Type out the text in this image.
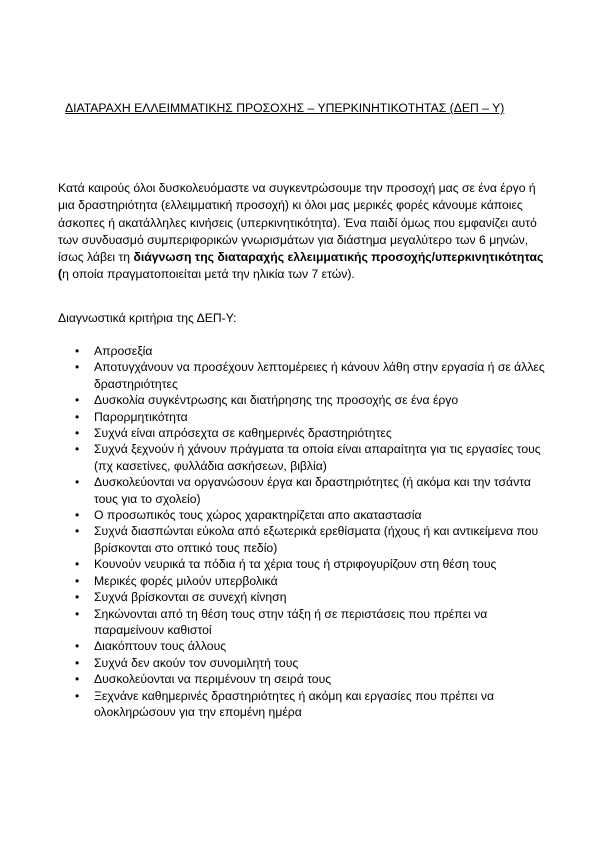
ΔΙΑΤΑΡΑΧΗ ΕΛΛΕΙΜΜΑΤΙΚΗΣ ΠΡΟΣΟΧΗΣ – ΥΠΕΡΚΙΝΗΤΙΚΟΤΗΤΑΣ (ΔΕΠ – Υ)

Κατά καιρούς όλοι δυσκολευόμαστε να συγκεντρώσουμε την προσοχή μας σε ένα έργο ή μια δραστηριότητα (ελλειμματική προσοχή) κι όλοι μας μερικές φορές κάνουμε κάποιες άσκοπες ή ακατάλληλες κινήσεις (υπερκινητικότητα). Ένα παιδί όμως που εμφανίζει αυτό των συνδυασμό συμπεριφορικών γνωρισμάτων για διάστημα μεγαλύτερο των 6 μηνών, ίσως λάβει τη διάγνωση της διαταραχής ελλειμματικής προσοχής/υπερκινητικότητας (η οποία πραγματοποιείται μετά την ηλικία των 7 ετών).

Διαγνωστικά κριτήρια της ΔΕΠ-Υ:

• Απροσεξία
• Αποτυγχάνουν να προσέχουν λεπτομέρειες ή κάνουν λάθη στην εργασία ή σε άλλες δραστηριότητες
• Δυσκολία συγκέντρωσης και διατήρησης της προσοχής σε ένα έργο
• Παρορμητικότητα
• Συχνά είναι απρόσεχτα σε καθημερινές δραστηριότητες
• Συχνά ξεχνούν ή χάνουν πράγματα τα οποία είναι απαραίτητα για τις εργασίες τους (πχ κασετίνες, φυλλάδια ασκήσεων, βιβλία)
• Δυσκολεύονται να οργανώσουν έργα και δραστηριότητες (ή ακόμα και την τσάντα τους για το σχολείο)
• Ο προσωπικός τους χώρος χαρακτηρίζεται απο ακαταστασία
• Συχνά διασπώνται εύκολα από εξωτερικά ερεθίσματα (ήχους ή και αντικείμενα που βρίσκονται στο οπτικό τους πεδίο)
• Κουνούν νευρικά τα πόδια ή τα χέρια τους ή στριφογυρίζουν στη θέση τους
• Μερικές φορές μιλούν υπερβολικά
• Συχνά βρίσκονται σε συνεχή κίνηση
• Σηκώνονται από τη θέση τους στην τάξη ή σε περιστάσεις που πρέπει να παραμείνουν καθιστοί
• Διακόπτουν τους άλλους
• Συχνά δεν ακούν τον συνομιλητή τους
• Δυσκολεύονται να περιμένουν τη σειρά τους
• Ξεχνάνε καθημερινές δραστηριότητες ή ακόμη και εργασίες που πρέπει να ολοκληρώσουν για την επομένη ημέρα
